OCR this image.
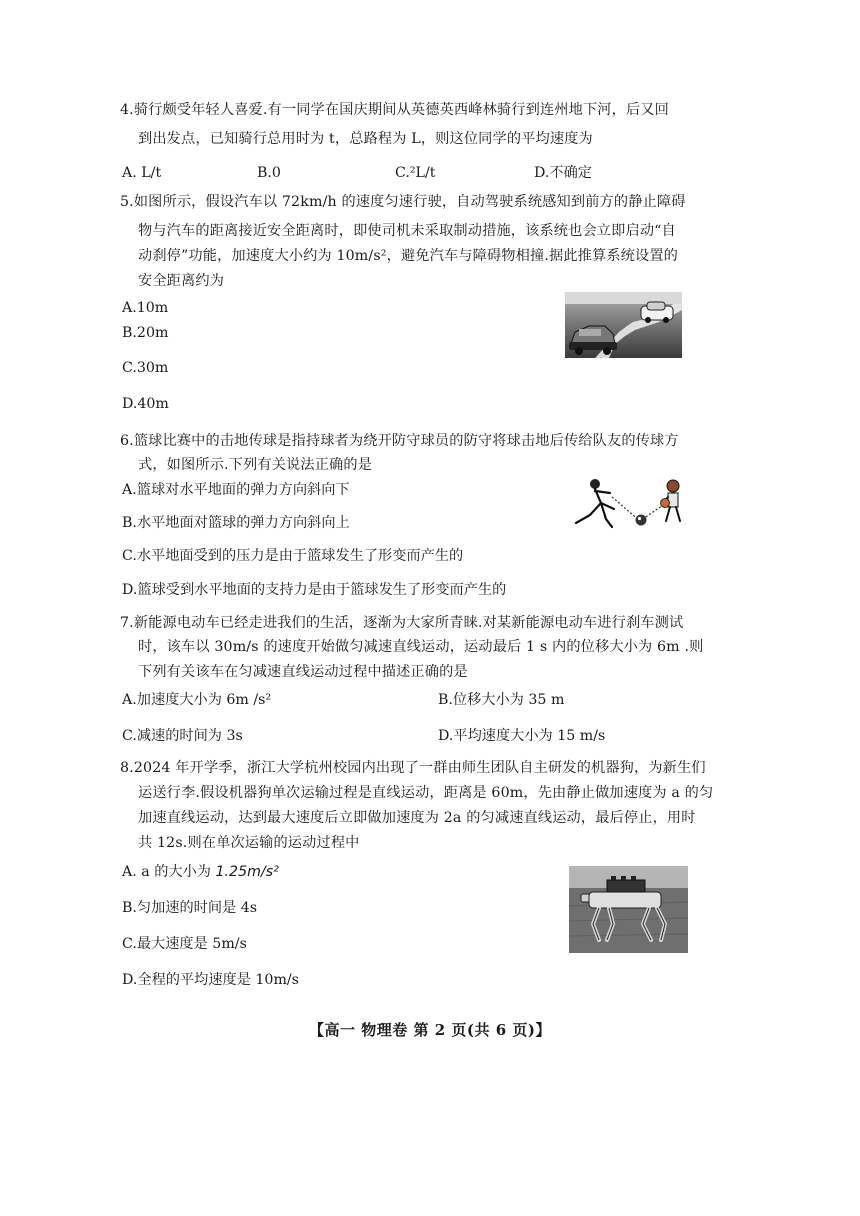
4.骑行颇受年轻人喜爱.有一同学在国庆期间从英德英西峰林骑行到连州地下河，后又回
到出发点，已知骑行总用时为 t，总路程为 L，则这位同学的平均速度为
A. L/t	B.0	C.²L/t	D.不确定
5.如图所示，假设汽车以 72km/h 的速度匀速行驶，自动驾驶系统感知到前方的静止障碍
物与汽车的距离接近安全距离时，即使司机未采取制动措施，该系统也会立即启动“自
动刹停”功能，加速度大小约为 10m/s²，避免汽车与障碍物相撞.据此推算系统设置的
安全距离约为
A.10m
B.20m
C.30m
D.40m
6.篮球比赛中的击地传球是指持球者为绕开防守球员的防守将球击地后传给队友的传球方
式，如图所示.下列有关说法正确的是
A.篮球对水平地面的弹力方向斜向下
B.水平地面对篮球的弹力方向斜向上
C.水平地面受到的压力是由于篮球发生了形变而产生的
D.篮球受到水平地面的支持力是由于篮球发生了形变而产生的
7.新能源电动车已经走进我们的生活，逐渐为大家所青睐.对某新能源电动车进行刹车测试
时，该车以 30m/s 的速度开始做匀减速直线运动，运动最后 1 s 内的位移大小为 6m .则
下列有关该车在匀减速直线运动过程中描述正确的是
A.加速度大小为 6m /s²	B.位移大小为 35 m
C.减速的时间为 3s	D.平均速度大小为 15 m/s
8.2024 年开学季，浙江大学杭州校园内出现了一群由师生团队自主研发的机器狗，为新生们
运送行李.假设机器狗单次运输过程是直线运动，距离是 60m，先由静止做加速度为 a 的匀
加速直线运动，达到最大速度后立即做加速度为 2a 的匀减速直线运动，最后停止，用时
共 12s.则在单次运输的运动过程中
A. a 的大小为 1.25m/s²
B.匀加速的时间是 4s
C.最大速度是 5m/s
D.全程的平均速度是 10m/s
【高一 物理卷 第 2 页(共 6 页)】
